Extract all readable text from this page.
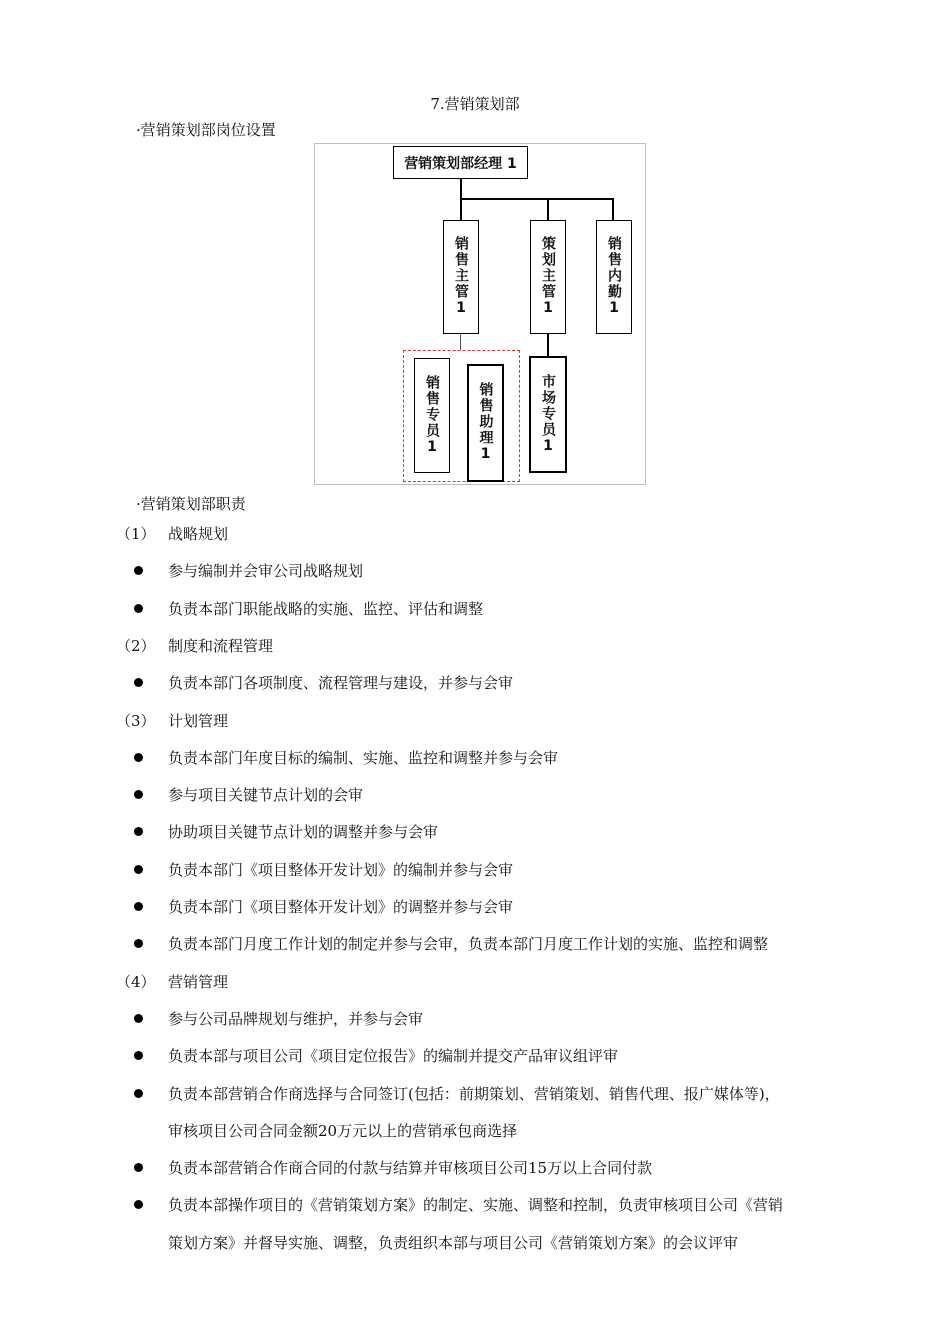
7.营销策划部
·营销策划部岗位设置
营销策划部经理 1
销售主管1	策划主管1	销售内勤1
销售专员1	销售助理1	市场专员1
·营销策划部职责
（1） 战略规划
参与编制并会审公司战略规划
负责本部门职能战略的实施、监控、评估和调整
（2） 制度和流程管理
负责本部门各项制度、流程管理与建设，并参与会审
（3） 计划管理
负责本部门年度目标的编制、实施、监控和调整并参与会审
参与项目关键节点计划的会审
协助项目关键节点计划的调整并参与会审
负责本部门《项目整体开发计划》的编制并参与会审
负责本部门《项目整体开发计划》的调整并参与会审
负责本部门月度工作计划的制定并参与会审，负责本部门月度工作计划的实施、监控和调整
（4） 营销管理
参与公司品牌规划与维护，并参与会审
负责本部与项目公司《项目定位报告》的编制并提交产品审议组评审
负责本部营销合作商选择与合同签订(包括：前期策划、营销策划、销售代理、报广媒体等)，
审核项目公司合同金额20万元以上的营销承包商选择
负责本部营销合作商合同的付款与结算并审核项目公司15万以上合同付款
负责本部操作项目的《营销策划方案》的制定、实施、调整和控制，负责审核项目公司《营销
策划方案》并督导实施、调整，负责组织本部与项目公司《营销策划方案》的会议评审
